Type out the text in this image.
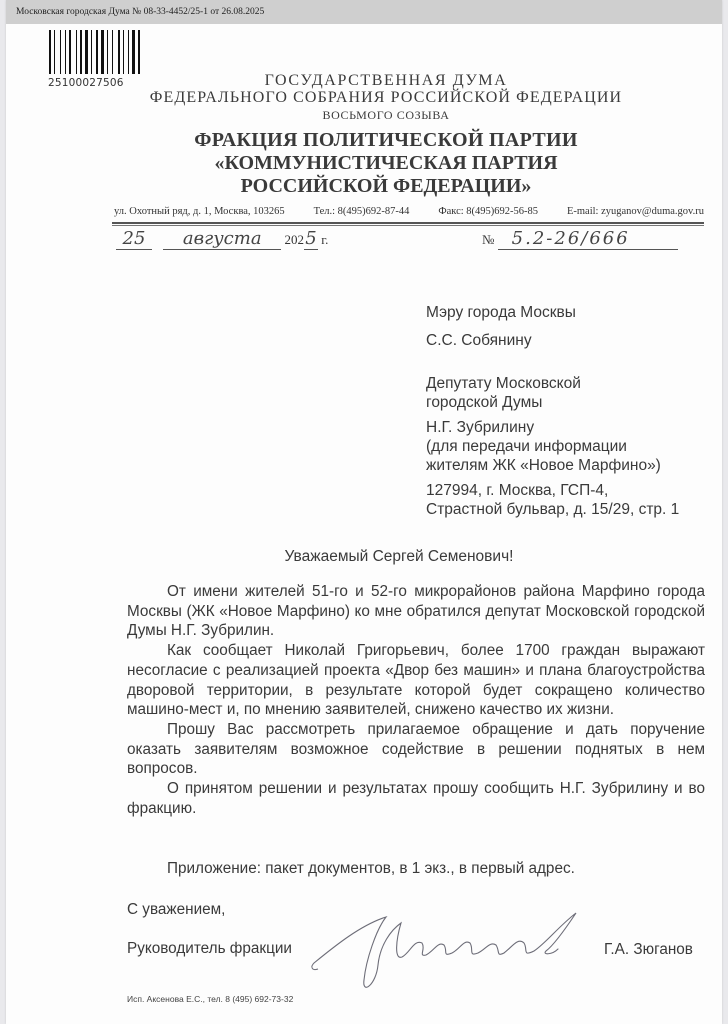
Московская городская Дума № 08-33-4452/25-1 от 26.08.2025
25100027506	ГОСУДАРСТВЕННАЯ ДУМА
ФЕДЕРАЛЬНОГО СОБРАНИЯ РОССИЙСКОЙ ФЕДЕРАЦИИ
ВОСЬМОГО СОЗЫВА
ФРАКЦИЯ ПОЛИТИЧЕСКОЙ ПАРТИИ
«КОММУНИСТИЧЕСКАЯ ПАРТИЯ
РОССИЙСКОЙ ФЕДЕРАЦИИ»
ул. Охотный ряд, д. 1, Москва, 103265	Тел.: 8(495)692-87-44	Факс: 8(495)692-56-85	E-mail: zyuganov@duma.gov.ru
25 августа 2025 г.	№ 5.2-26/666
Мэру города Москвы
С.С. Собянину
Депутату Московской
городской Думы
Н.Г. Зубрилину
(для передачи информации
жителям ЖК «Новое Марфино»)
127994, г. Москва, ГСП-4,
Страстной бульвар, д. 15/29, стр. 1
Уважаемый Сергей Семенович!

От имени жителей 51-го и 52-го микрорайонов района Марфино города Москвы (ЖК «Новое Марфино) ко мне обратился депутат Московской городской Думы Н.Г. Зубрилин.

Как сообщает Николай Григорьевич, более 1700 граждан выражают несогласие с реализацией проекта «Двор без машин» и плана благоустройства дворовой территории, в результате которой будет сокращено количество машино-мест и, по мнению заявителей, снижено качество их жизни.

Прошу Вас рассмотреть прилагаемое обращение и дать поручение оказать заявителям возможное содействие в решении поднятых в нем вопросов.

О принятом решении и результатах прошу сообщить Н.Г. Зубрилину и во фракцию.

Приложение: пакет документов, в 1 экз., в первый адрес.
С уважением,
Руководитель фракции	Г.А. Зюганов
Исп. Аксенова Е.С., тел. 8 (495) 692-73-32
